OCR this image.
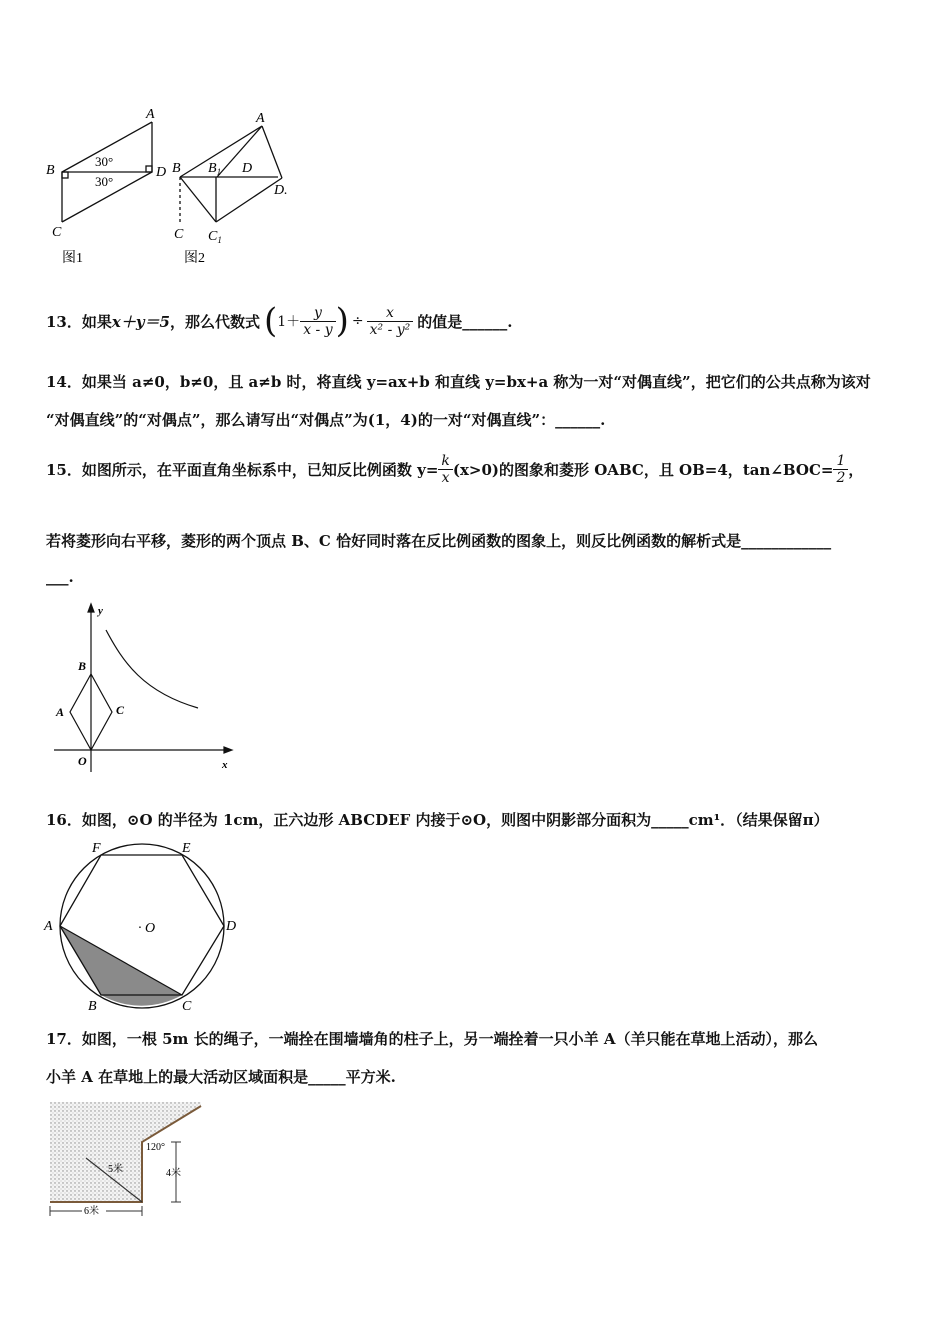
A
B
C
D
30°
30°
图1
A
B $B_1$ D
D.
C $C_1$
图2
13．如果 x＋y＝5 ，那么代数式 ( $1+ \frac{y}{x - y}$ ) ÷ $\frac{x}{\text{x² - y²}}$ 的值是______.
14．如果当 a≠0，b≠0，且 a≠b 时，将直线 y=ax+b 和直线 y=bx+a 称为一对“对偶直线”，把它们的公共点称为该对
“对偶直线”的“对偶点”，那么请写出“对偶点”为(1，4)的一对“对偶直线”：______.
15．如图所示，在平面直角坐标系中，已知反比例函数 $y= \frac{k}{x} (x>0)$的图象和菱形 OABC，且 OB=4，tan∠BOC= $\frac{1}{2}$ ，
若将菱形向右平移，菱形的两个顶点 B、C 恰好同时落在反比例函数的图象上，则反比例函数的解析式是____________
___.
y
x
O
A
B
C
16．如图，⊙O 的半径为 1cm，正六边形 ABCDEF 内接于⊙O，则图中阴影部分面积为_____cm¹．（结果保留π）
A
B	C
D
E
F
· O
17．如图，一根 5m 长的绳子，一端拴在围墙墙角的柱子上，另一端拴着一只小羊 A（羊只能在草地上活动），那么
小羊 A 在草地上的最大活动区域面积是_____平方米.
5米
120°
4米
6米
